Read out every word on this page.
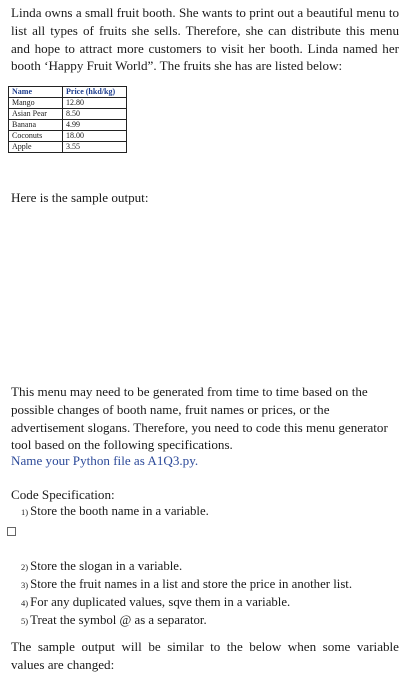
Linda owns a small fruit booth. She wants to print out a beautiful menu to list all types of fruits she sells. Therefore, she can distribute this menu and hope to attract more customers to visit her booth. Linda named her booth ‘Happy Fruit World”. The fruits she has are listed below:
Name	Price (hkd/kg)
Mango	12.80
Asian Pear	8.50
Banana	4.99
Coconuts	18.00
Apple	3.55
Here is the sample output:
This menu may need to be generated from time to time based on the possible changes of booth name, fruit names or prices, or the advertisement slogans. Therefore, you need to code this menu generator tool based on the following specifications.
Name your Python file as A1Q3.py.
Code Specification:
1) Store the booth name in a variable.
2) Store the slogan in a variable.
3) Store the fruit names in a list and store the price in another list.
4) For any duplicated values, sqve them in a variable.
5) Treat the symbol @ as a separator.
The sample output will be similar to the below when some variable values are changed:
